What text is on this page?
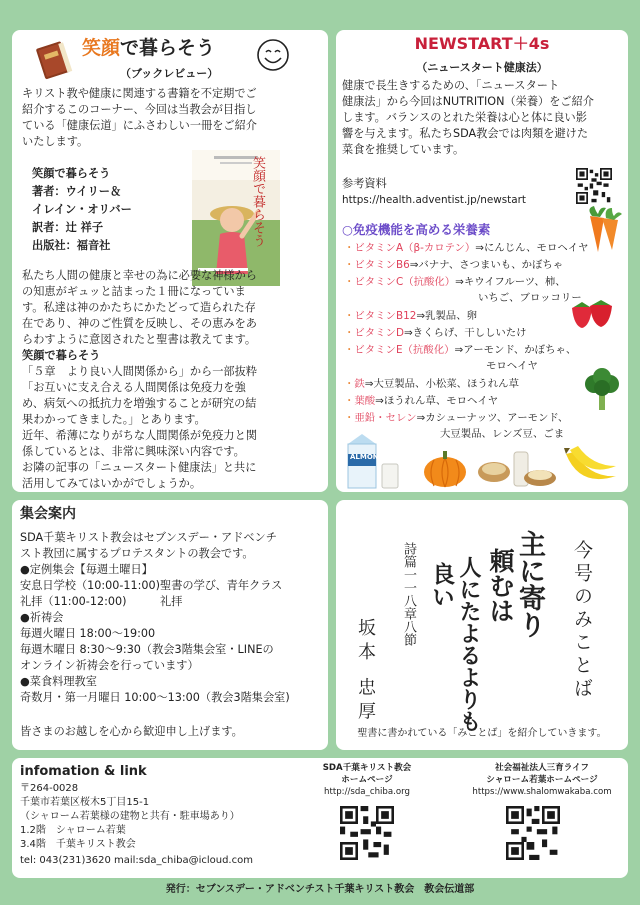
笑顔で暮らそう
（ブックレビュー）
キリスト教や健康に関連する書籍を不定期でご
紹介するこのコーナー、今回は当教会が目指し
ている「健康伝道」にふさわしい一冊をご紹介
いたします。
笑顔で暮らそう
著者：ウイリー＆
イレイン・オリバー
訳者：辻 祥子
出版社：福音社	笑顔で暮らそう
私たち人間の健康と幸せの為に必要な神様から
の知恵がギュッと詰まった１冊になっていま
す。私達は神のかたちにかたどって造られた存
在であり、神のご性質を反映し、その恵みをあ
らわすように意図されたと聖書は教えてます。
笑顔で暮らそう
「５章　より良い人間関係から」から一部抜粋
「お互いに支え合える人間関係は免疫力を強
め、病気への抵抗力を増強することが研究の結
果わかってきました。」とあります。
近年、希薄になりがちな人間関係が免疫力と関
係しているとは、非常に興味深い内容です。
お隣の記事の「ニュースタート健康法」と共に
活用してみてはいかがでしょうか。
NEWSTART＋4s
（ニュースタート健康法）
健康で長生きするための、「ニュースタート
健康法」から今回はNUTRITION（栄養）をご紹介
します。バランスのとれた栄養は心と体に良い影
響を与えます。私たちSDA教会では肉類を避けた
菜食を推奨しています。
参考資料
https://health.adventist.jp/newstart
○免疫機能を高める栄養素
・ビタミンA（β-カロテン）⇒にんじん、モロヘイヤ
・ビタミンB6⇒バナナ、さつまいも、かぼちゃ
・ビタミンC（抗酸化）⇒キウイフルーツ、柿、
いちご、ブロッコリー
・ビタミンB12⇒乳製品、卵
・ビタミンD⇒きくらげ、干ししいたけ
・ビタミンE（抗酸化）⇒アーモンド、かぼちゃ、
モロヘイヤ
・鉄⇒大豆製品、小松菜、ほうれん草
・葉酸⇒ほうれん草、モロヘイヤ
・亜鉛・セレン⇒カシューナッツ、アーモンド、
大豆製品、レンズ豆、ごま
ALMOND
集会案内
SDA千葉キリスト教会はセブンスデー・アドベンチ
スト教団に属するプロテスタントの教会です。
●定例集会【毎週土曜日】
安息日学校（10:00-11:00)聖書の学び、青年クラス
礼拝（11:00-12:00)　　　礼拝
●祈祷会
毎週火曜日 18:00～19:00
毎週木曜日 8:30～9:30（教会3階集会室・LINEの
オンライン祈祷会を行っています）
●菜食料理教室
奇数月・第一月曜日 10:00～13:00（教会3階集会室)
皆さまのお越しを心から歓迎申し上げます。
今号のみことば
主に寄り
頼むは
人にたよるよりも
良い
詩篇一一八章八節
坂本 忠厚
聖書に書かれている「みことば」を紹介していきます。
infomation & link
〒264-0028
千葉市若葉区桜木5丁目15-1
（シャローム若葉様の建物と共有・駐車場あり）
1.2階　シャローム若葉
3.4階　千葉キリスト教会
tel: 043(231)3620 mail:sda_chiba@icloud.com
SDA千葉キリスト教会
ホームページ
http://sda_chiba.org
社会福祉法人三育ライフ
シャローム若葉ホームページ
https://www.shalomwakaba.com
発行：セブンスデー・アドベンチスト千葉キリスト教会　教会伝道部
